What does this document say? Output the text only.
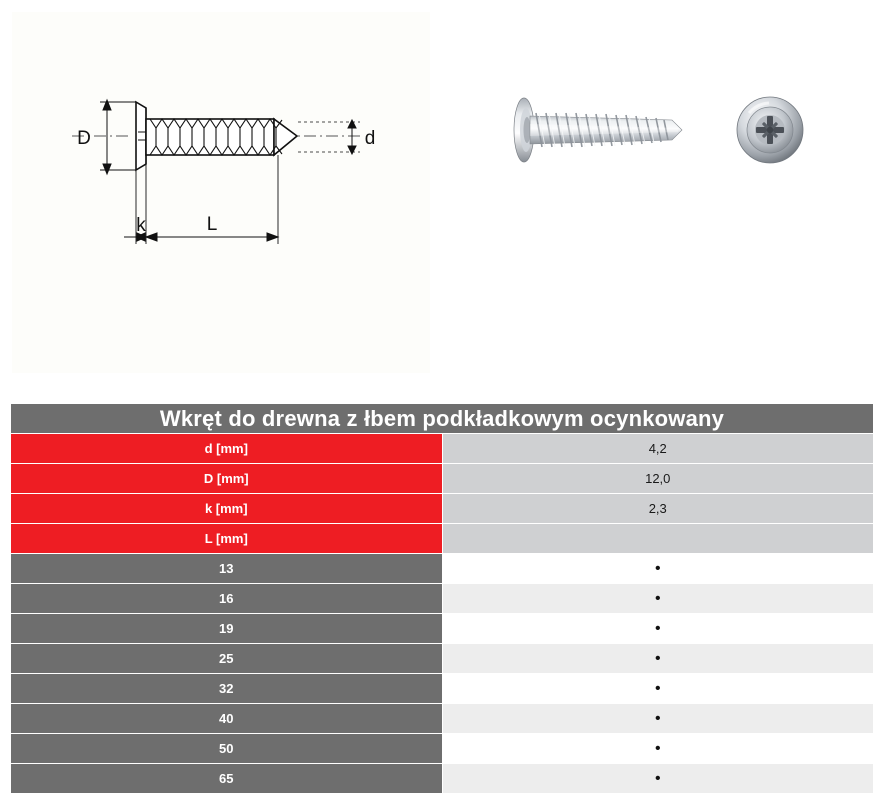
D	d
k	L
Wkręt do drewna z łbem podkładkowym ocynkowany	
d [mm]	4,2
D [mm]	12,0
k [mm]	2,3
L [mm]	
13	•
16	•
19	•
25	•
32	•
40	•
50	•
65	•
